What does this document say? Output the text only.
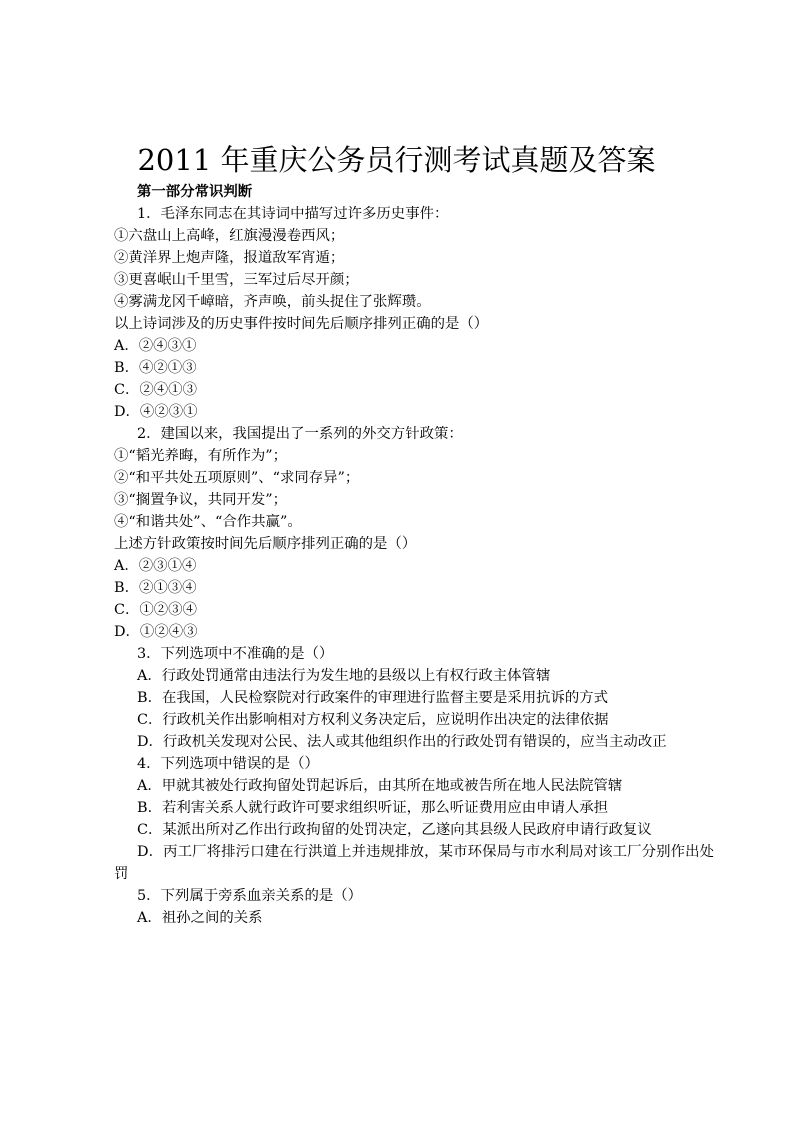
2011 年重庆公务员行测考试真题及答案
第一部分常识判断
1．毛泽东同志在其诗词中描写过许多历史事件：
①六盘山上高峰，红旗漫漫卷西风；
②黄洋界上炮声隆，报道敌军宵遁；
③更喜岷山千里雪，三军过后尽开颜；
④雾满龙冈千嶂暗，齐声唤，前头捉住了张辉瓒。
以上诗词涉及的历史事件按时间先后顺序排列正确的是（）
A．②④③①
B．④②①③
C．②④①③
D．④②③①
2．建国以来，我国提出了一系列的外交方针政策：
①“韬光养晦，有所作为”；
②“和平共处五项原则”、“求同存异”；
③“搁置争议，共同开发”；
④“和谐共处”、“合作共赢”。
上述方针政策按时间先后顺序排列正确的是（）
A．②③①④
B．②①③④
C．①②③④
D．①②④③
3．下列选项中不准确的是（）
A．行政处罚通常由违法行为发生地的县级以上有权行政主体管辖
B．在我国，人民检察院对行政案件的审理进行监督主要是采用抗诉的方式
C．行政机关作出影响相对方权利义务决定后，应说明作出决定的法律依据
D．行政机关发现对公民、法人或其他组织作出的行政处罚有错误的，应当主动改正
4．下列选项中错误的是（）
A．甲就其被处行政拘留处罚起诉后，由其所在地或被告所在地人民法院管辖
B．若利害关系人就行政许可要求组织听证，那么听证费用应由申请人承担
C．某派出所对乙作出行政拘留的处罚决定，乙遂向其县级人民政府申请行政复议
D．丙工厂将排污口建在行洪道上并违规排放，某市环保局与市水利局对该工厂分别作出处罚
5．下列属于旁系血亲关系的是（）
A．祖孙之间的关系
